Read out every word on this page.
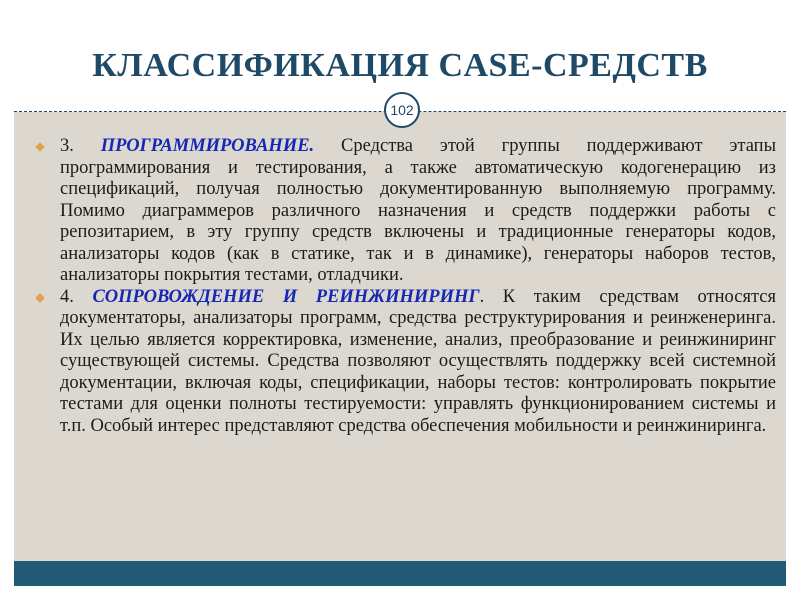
КЛАССИФИКАЦИЯ CASE-СРЕДСТВ
102

3. ПРОГРАММИРОВАНИЕ. Средства этой группы поддерживают этапы программирования и тестирования, а также автоматическую кодогенерацию из спецификаций, получая полностью документированную выполняемую программу. Помимо диаграммеров различного назначения и средств поддержки работы с репозитарием, в эту группу средств включены и традиционные генераторы кодов, анализаторы кодов (как в статике, так и в динамике), генераторы наборов тестов, анализаторы покрытия тестами, отладчики.

4. СОПРОВОЖДЕНИЕ И РЕИНЖИНИРИНГ. К таким средствам относятся документаторы, анализаторы программ, средства реструктурирования и реинженеринга. Их целью является корректировка, изменение, анализ, преобразование и реинжиниринг существующей системы. Средства позволяют осуществлять поддержку всей системной документации, включая коды, спецификации, наборы тестов: контролировать покрытие тестами для оценки полноты тестируемости: управлять функционированием системы и т.п. Особый интерес представляют средства обеспечения мобильности и реинжиниринга.
